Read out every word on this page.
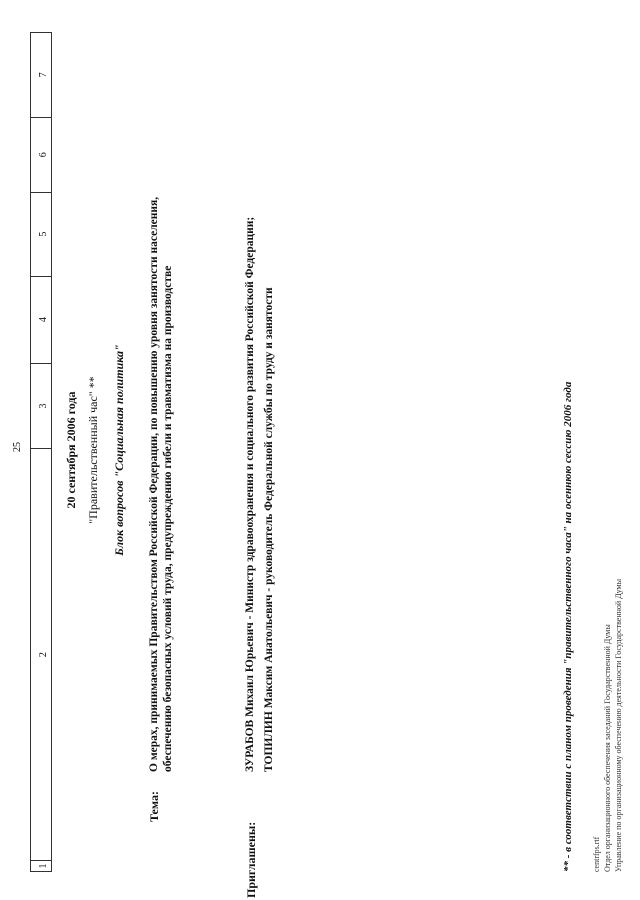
25
1
2
3
4
5
6
7
20 сентября 2006 года "Правительственный час" ** Блок вопросов "Социальная политика"
Тема:
О мерах, принимаемых Правительством Российской Федерации, по повышению уровня занятости населения, обеспечению безопасных условий труда, предупреждению гибели и травматизма на производстве
Приглашены:
ЗУРАБОВ Михаил Юрьевич - Министр здравоохранения и социального развития Российской Федерации; ТОПИЛИН Максим Анатольевич - руководитель Федеральной службы по труду и занятости	** - в соответствии с планом проведения "правительственного часа" на осеннюю сессию 2006 года centrfps.rtf Отдел организационного обеспечения заседаний Государственной Думы Управление по организационному обеспечению деятельности Государственной Думы
